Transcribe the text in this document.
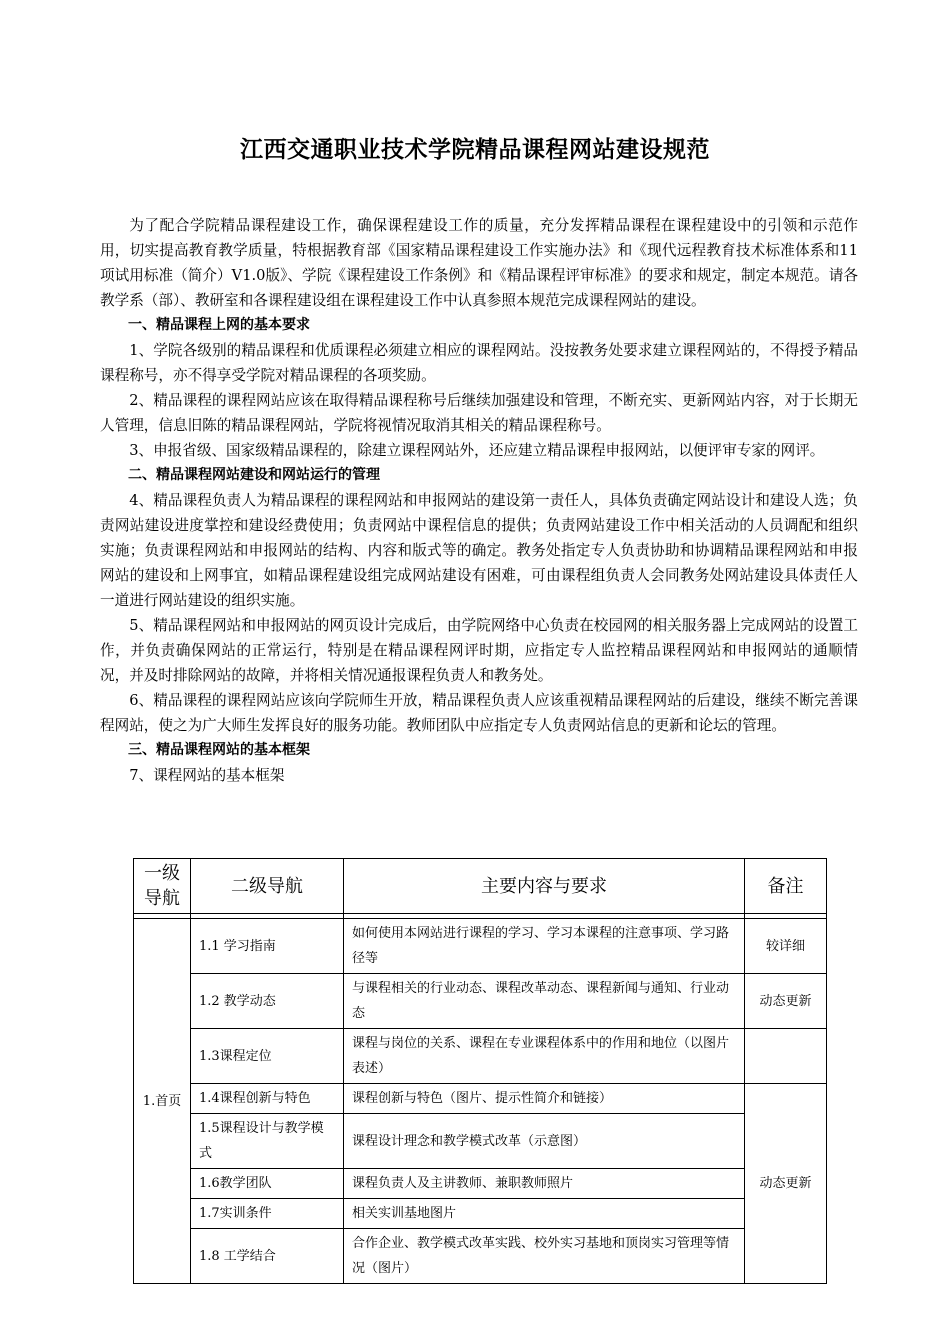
江西交通职业技术学院精品课程网站建设规范

为了配合学院精品课程建设工作，确保课程建设工作的质量，充分发挥精品课程在课程建设中的引领和示范作用，切实提高教育教学质量，特根据教育部《国家精品课程建设工作实施办法》和《现代远程教育技术标准体系和11项试用标准（简介）V1.0版》、学院《课程建设工作条例》和《精品课程评审标准》的要求和规定，制定本规范。请各教学系（部）、教研室和各课程建设组在课程建设工作中认真参照本规范完成课程网站的建设。

一、精品课程上网的基本要求

1、学院各级别的精品课程和优质课程必须建立相应的课程网站。没按教务处要求建立课程网站的，不得授予精品课程称号，亦不得享受学院对精品课程的各项奖励。

2、精品课程的课程网站应该在取得精品课程称号后继续加强建设和管理，不断充实、更新网站内容，对于长期无人管理，信息旧陈的精品课程网站，学院将视情况取消其相关的精品课程称号。

3、申报省级、国家级精品课程的，除建立课程网站外，还应建立精品课程申报网站，以便评审专家的网评。

二、精品课程网站建设和网站运行的管理

4、精品课程负责人为精品课程的课程网站和申报网站的建设第一责任人，具体负责确定网站设计和建设人选；负责网站建设进度掌控和建设经费使用；负责网站中课程信息的提供；负责网站建设工作中相关活动的人员调配和组织实施；负责课程网站和申报网站的结构、内容和版式等的确定。教务处指定专人负责协助和协调精品课程网站和申报网站的建设和上网事宜，如精品课程建设组完成网站建设有困难，可由课程组负责人会同教务处网站建设具体责任人一道进行网站建设的组织实施。

5、精品课程网站和申报网站的网页设计完成后，由学院网络中心负责在校园网的相关服务器上完成网站的设置工作，并负责确保网站的正常运行，特别是在精品课程网评时期，应指定专人监控精品课程网站和申报网站的通顺情况，并及时排除网站的故障，并将相关情况通报课程负责人和教务处。

6、精品课程的课程网站应该向学院师生开放，精品课程负责人应该重视精品课程网站的后建设，继续不断完善课程网站，使之为广大师生发挥良好的服务功能。教师团队中应指定专人负责网站信息的更新和论坛的管理。

三、精品课程网站的基本框架

7、课程网站的基本框架

一级导航	二级导航	主要内容与要求	备注

1.首页	1.1 学习指南	如何使用本网站进行课程的学习、学习本课程的注意事项、学习路径等	较详细
	1.2 教学动态	与课程相关的行业动态、课程改革动态、课程新闻与通知、行业动态	动态更新
	1.3课程定位	课程与岗位的关系、课程在专业课程体系中的作用和地位（以图片表述）	
	1.4课程创新与特色	课程创新与特色（图片、提示性简介和链接）	动态更新
	1.5课程设计与教学模式	课程设计理念和教学模式改革（示意图）	
	1.6教学团队	课程负责人及主讲教师、兼职教师照片	
	1.7实训条件	相关实训基地图片	
	1.8 工学结合	合作企业、教学模式改革实践、校外实习基地和顶岗实习管理等情况（图片）	
